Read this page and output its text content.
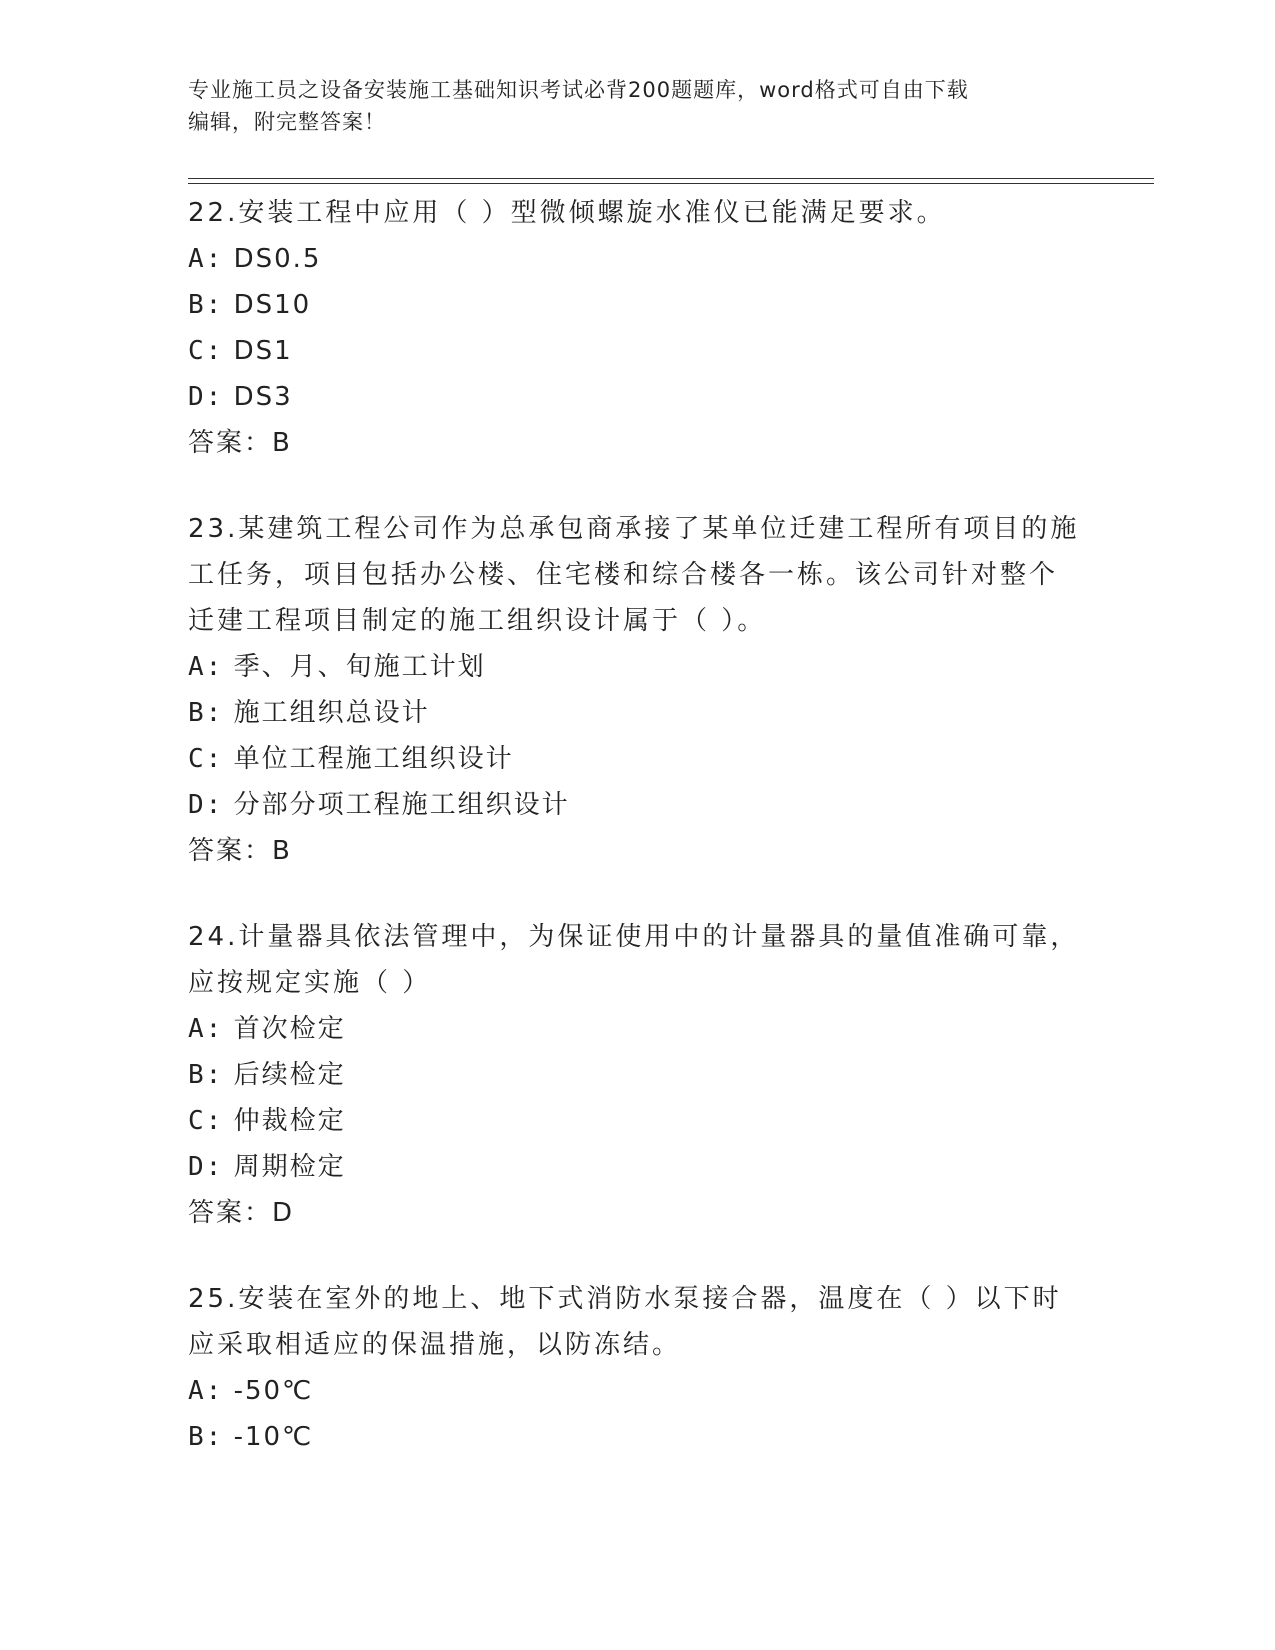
专业施工员之设备安装施工基础知识考试必背200题题库，word格式可自由下载
编辑，附完整答案！

22.安装工程中应用（ ）型微倾螺旋水准仪已能满足要求。

A: DS0.5

B: DS10

C: DS1

D: DS3

答案：B

23.某建筑工程公司作为总承包商承接了某单位迁建工程所有项目的施

工任务，项目包括办公楼、住宅楼和综合楼各一栋。该公司针对整个

迁建工程项目制定的施工组织设计属于（ ）。

A: 季、月、旬施工计划

B: 施工组织总设计

C: 单位工程施工组织设计

D: 分部分项工程施工组织设计

答案：B

24.计量器具依法管理中，为保证使用中的计量器具的量值准确可靠，

应按规定实施（ ）

A: 首次检定

B: 后续检定

C: 仲裁检定

D: 周期检定

答案：D

25.安装在室外的地上、地下式消防水泵接合器，温度在（ ）以下时

应采取相适应的保温措施，以防冻结。

A: -50℃

B: -10℃
